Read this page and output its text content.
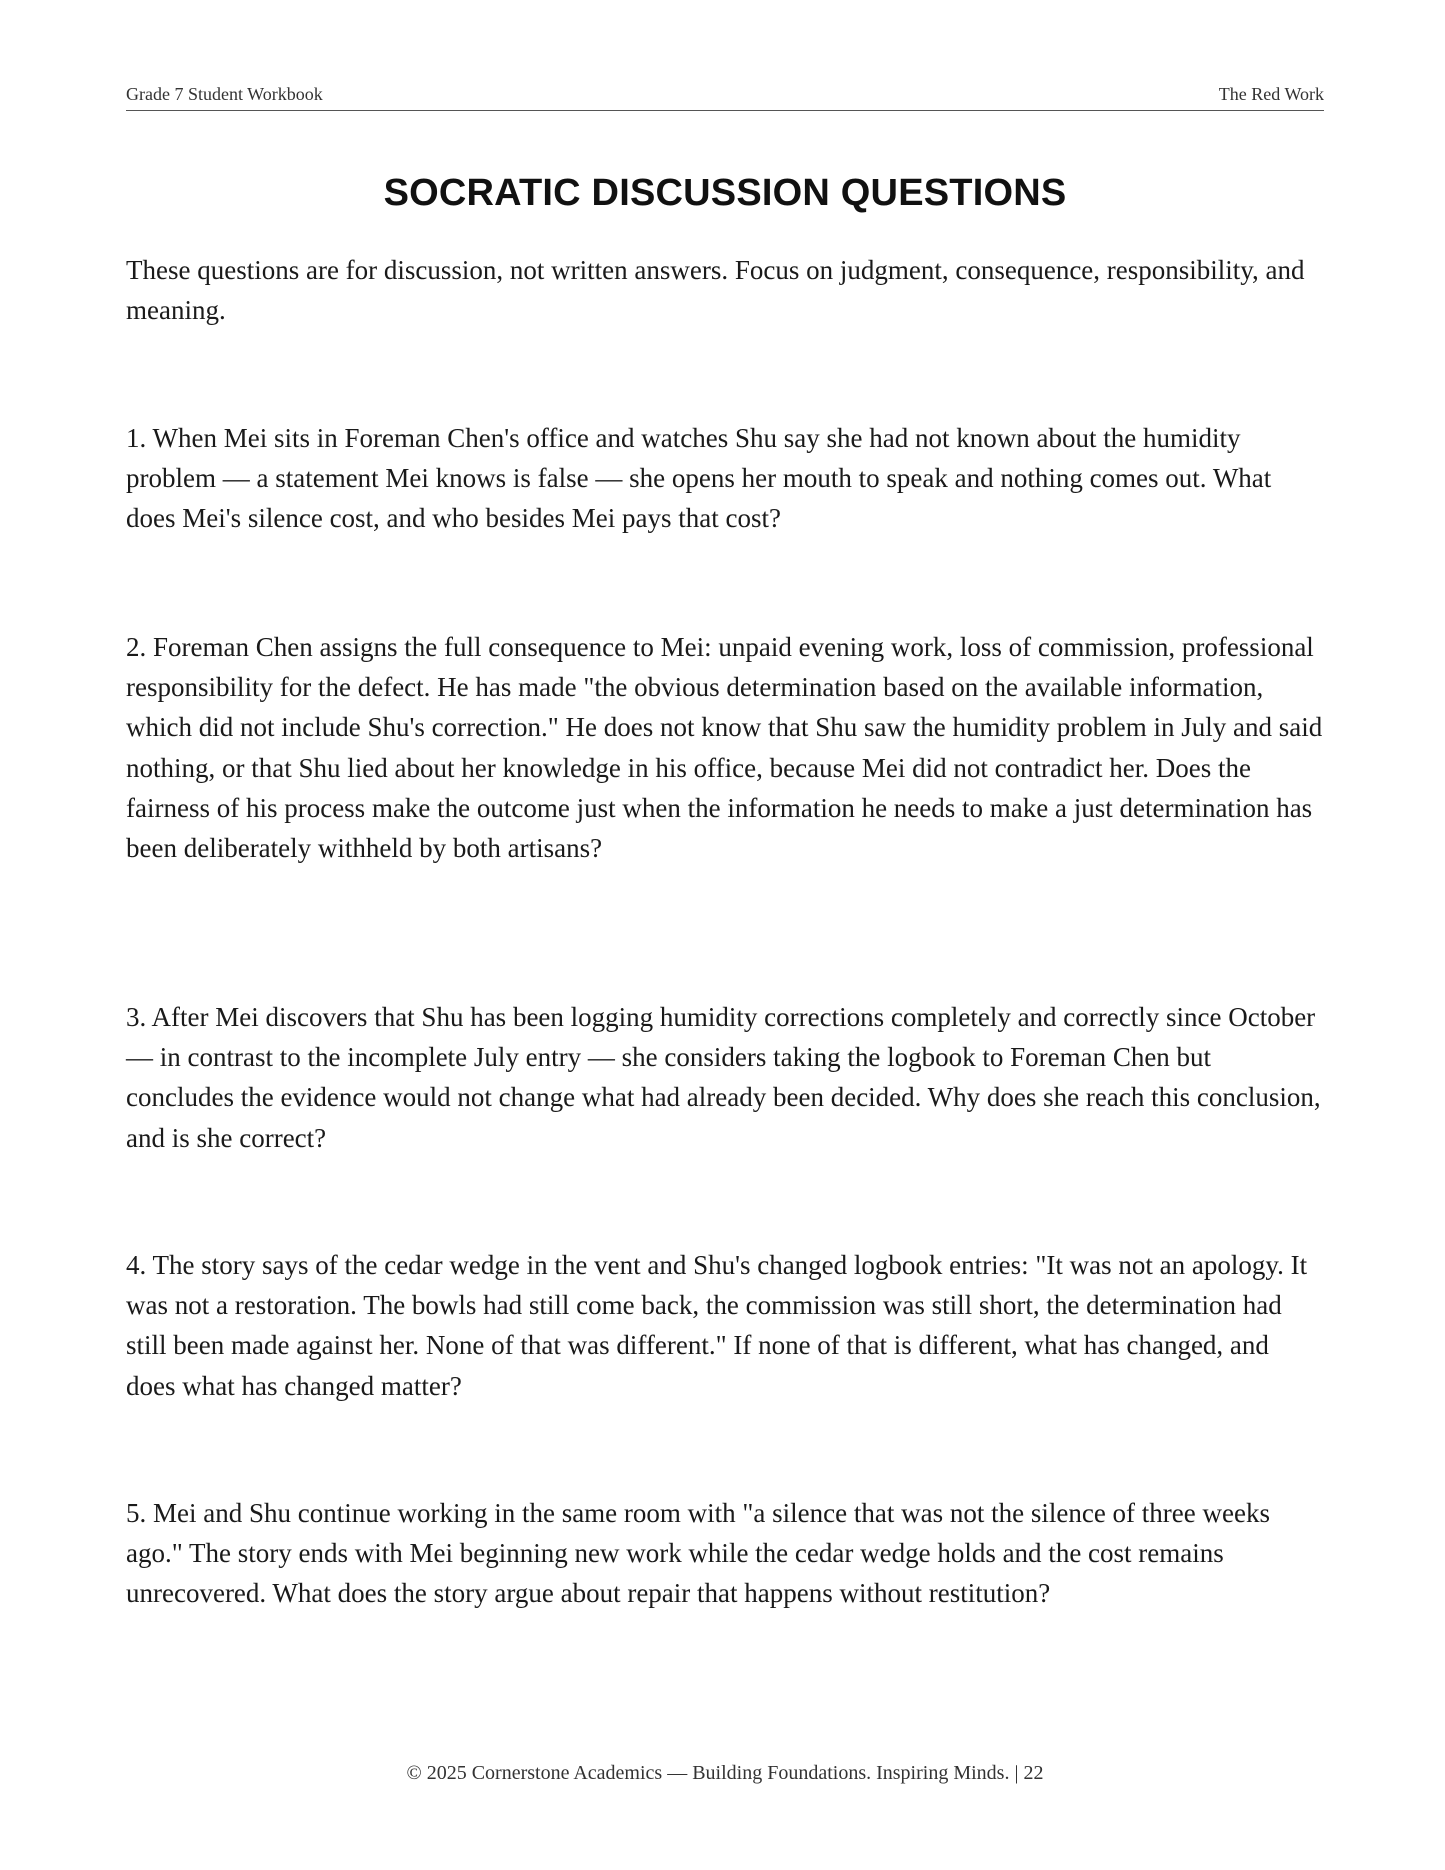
Grade 7 Student Workbook	The Red Work
SOCRATIC DISCUSSION QUESTIONS

These questions are for discussion, not written answers. Focus on judgment, consequence, responsibility, and meaning.

1. When Mei sits in Foreman Chen's office and watches Shu say she had not known about the humidity problem — a statement Mei knows is false — she opens her mouth to speak and nothing comes out. What does Mei's silence cost, and who besides Mei pays that cost?

2. Foreman Chen assigns the full consequence to Mei: unpaid evening work, loss of commission, professional responsibility for the defect. He has made "the obvious determination based on the available information, which did not include Shu's correction." He does not know that Shu saw the humidity problem in July and said nothing, or that Shu lied about her knowledge in his office, because Mei did not contradict her. Does the fairness of his process make the outcome just when the information he needs to make a just determination has been deliberately withheld by both artisans?

3. After Mei discovers that Shu has been logging humidity corrections completely and correctly since October — in contrast to the incomplete July entry — she considers taking the logbook to Foreman Chen but concludes the evidence would not change what had already been decided. Why does she reach this conclusion, and is she correct?

4. The story says of the cedar wedge in the vent and Shu's changed logbook entries: "It was not an apology. It was not a restoration. The bowls had still come back, the commission was still short, the determination had still been made against her. None of that was different." If none of that is different, what has changed, and does what has changed matter?

5. Mei and Shu continue working in the same room with "a silence that was not the silence of three weeks ago." The story ends with Mei beginning new work while the cedar wedge holds and the cost remains unrecovered. What does the story argue about repair that happens without restitution?

© 2025 Cornerstone Academics — Building Foundations. Inspiring Minds. | 22
